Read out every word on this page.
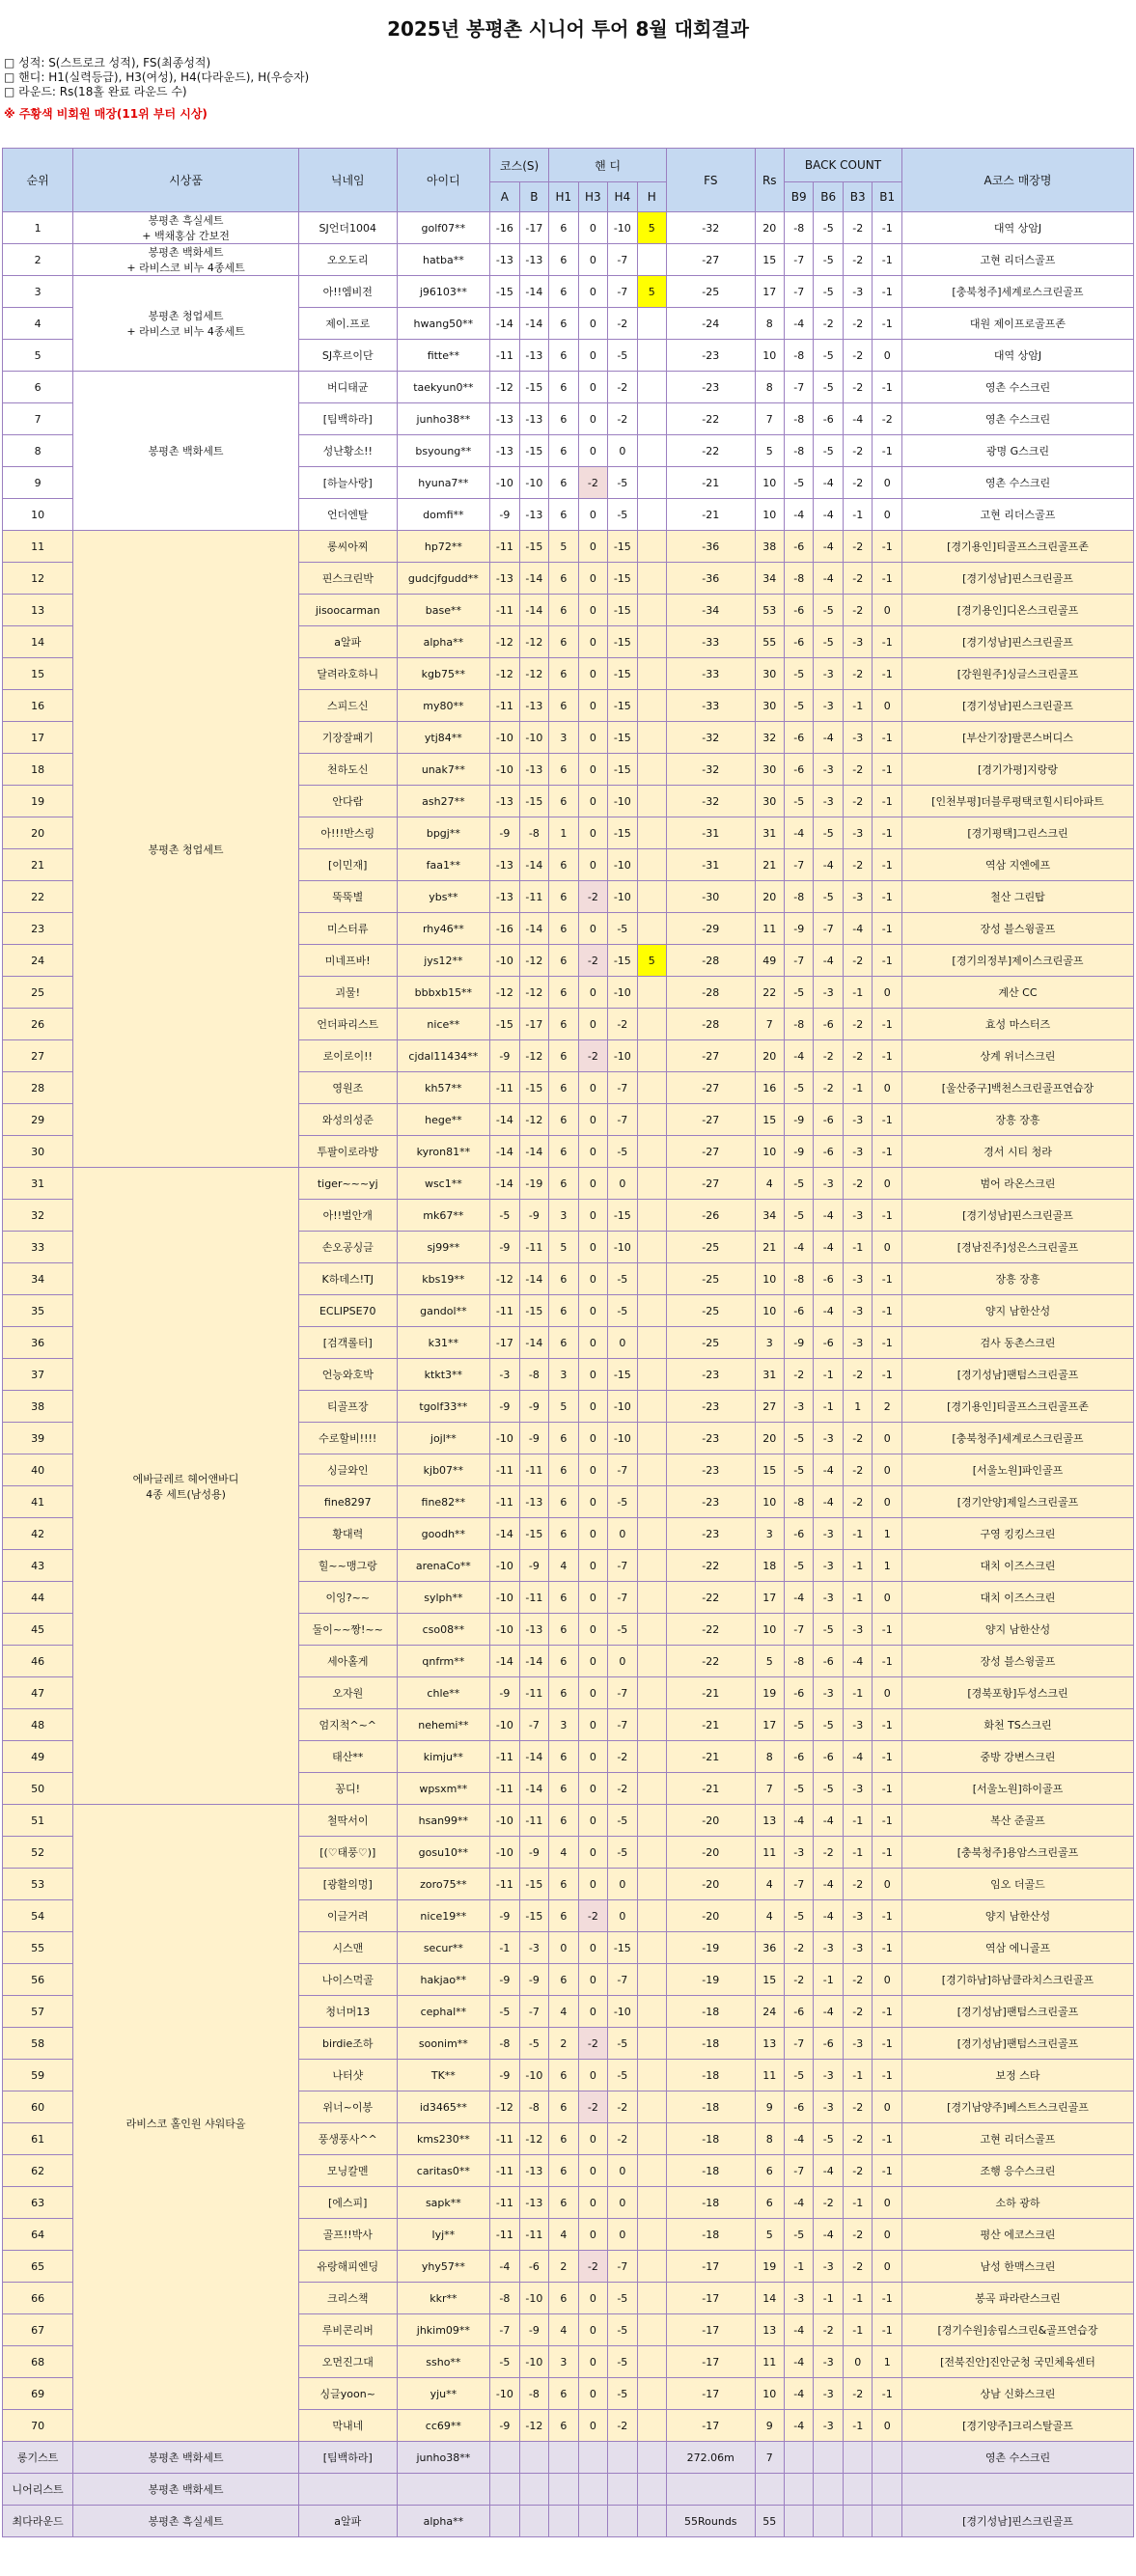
2025년 봉평촌 시니어 투어 8월 대회결과
□ 성적: S(스트로크 성적), FS(최종성적)
□ 핸디: H1(실력등급), H3(여성), H4(다라운드), H(우승자)
□ 라운드: Rs(18홀 완료 라운드 수)
※ 주황색 비회원 매장(11위 부터 시상)
순위	시상품	닉네임	아이디	코스(S)		핸 디				FS	Rs	BACK COUNT				A코스 매장명
				A	B	H1	H3	H4	H			B9	B6	B3	B1	
1	봉평촌 흑실세트
+ 백채홍삼 간보전	SJ언더1004	golf07**	-16	-17	6	0	-10	5	-32	20	-8	-5	-2	-1	대역 상암J
2	봉평촌 백화세트
+ 라비스코 비누 4종세트	오오도리	hatba**	-13	-13	6	0	-7		-27	15	-7	-5	-2	-1	고현 리더스골프
3	봉평촌 청업세트
+ 라비스코 비누 4종세트	아!!엠비전	j96103**	-15	-14	6	0	-7	5	-25	17	-7	-5	-3	-1	[충북청주]세계로스크린골프
4		제이.프로	hwang50**	-14	-14	6	0	-2		-24	8	-4	-2	-2	-1	대원 제이프로골프존
5		SJ후르이단	fitte**	-11	-13	6	0	-5		-23	10	-8	-5	-2	0	대역 상암J
6	봉평촌 백화세트	버디태균	taekyun0**	-12	-15	6	0	-2		-23	8	-7	-5	-2	-1	영촌 수스크린
7		[팀백하라]	junho38**	-13	-13	6	0	-2		-22	7	-8	-6	-4	-2	영촌 수스크린
8		성난황소!!	bsyoung**	-13	-15	6	0	0		-22	5	-8	-5	-2	-1	광명 G스크린
9		[하늘사랑]	hyuna7**	-10	-10	6	-2	-5		-21	10	-5	-4	-2	0	영촌 수스크린
10		언더엔탈	domfi**	-9	-13	6	0	-5		-21	10	-4	-4	-1	0	고현 리더스골프
11	봉평촌 청업세트	롱씨아찌	hp72**	-11	-15	5	0	-15		-36	38	-6	-4	-2	-1	[경기용인]티골프스크린골프존
12		핀스크린박	gudcjfgudd**	-13	-14	6	0	-15		-36	34	-8	-4	-2	-1	[경기성남]핀스크린골프
13		jisoocarman	base**	-11	-14	6	0	-15		-34	53	-6	-5	-2	0	[경기용인]디온스크린골프
14		a알파	alpha**	-12	-12	6	0	-15		-33	55	-6	-5	-3	-1	[경기성남]핀스크린골프
15		달려라호하니	kgb75**	-12	-12	6	0	-15		-33	30	-5	-3	-2	-1	[강원원주]싱글스크린골프
16		스피드신	my80**	-11	-13	6	0	-15		-33	30	-5	-3	-1	0	[경기성남]핀스크린골프
17		기장잘패기	ytj84**	-10	-10	3	0	-15		-32	32	-6	-4	-3	-1	[부산기장]팔콘스버디스
18		천하도신	unak7**	-10	-13	6	0	-15		-32	30	-6	-3	-2	-1	[경기가평]지랑랑
19		안다람	ash27**	-13	-15	6	0	-10		-32	30	-5	-3	-2	-1	[인천부평]더블루평택코힐시티아파트
20		아!!!반스링	bpgj**	-9	-8	1	0	-15		-31	31	-4	-5	-3	-1	[경기평택]그린스크린
21		[이민재]	faa1**	-13	-14	6	0	-10		-31	21	-7	-4	-2	-1	역삼 지엔에프
22		뚝뚝별	ybs**	-13	-11	6	-2	-10		-30	20	-8	-5	-3	-1	철산 그린탑
23		미스터류	rhy46**	-16	-14	6	0	-5		-29	11	-9	-7	-4	-1	장성 블스윙골프
24		미네프바!	jys12**	-10	-12	6	-2	-15	5	-28	49	-7	-4	-2	-1	[경기의정부]제이스크린골프
25		괴물!	bbbxb15**	-12	-12	6	0	-10		-28	22	-5	-3	-1	0	계산 CC
26		언더파리스트	nice**	-15	-17	6	0	-2		-28	7	-8	-6	-2	-1	효성 마스터즈
27		로이로이!!	cjdal11434**	-9	-12	6	-2	-10		-27	20	-4	-2	-2	-1	상계 위너스크린
28		영원조	kh57**	-11	-15	6	0	-7		-27	16	-5	-2	-1	0	[울산중구]백천스크린골프연습장
29		와성의성준	hege**	-14	-12	6	0	-7		-27	15	-9	-6	-3	-1	장흥 장흥
30		투팔이로라방	kyron81**	-14	-14	6	0	-5		-27	10	-9	-6	-3	-1	경서 시티 청라
31	에바글레르 헤어앤바디
4종 세트(남성용)	tiger~~~yj	wsc1**	-14	-19	6	0	0		-27	4	-5	-3	-2	0	범어 라온스크린
32		아!!벌안개	mk67**	-5	-9	3	0	-15		-26	34	-5	-4	-3	-1	[경기성남]핀스크린골프
33		손오공싱글	sj99**	-9	-11	5	0	-10		-25	21	-4	-4	-1	0	[경남진주]성은스크린골프
34		K하데스!TJ	kbs19**	-12	-14	6	0	-5		-25	10	-8	-6	-3	-1	장흥 장흥
35		ECLIPSE70	gandol**	-11	-15	6	0	-5		-25	10	-6	-4	-3	-1	양지 남한산성
36		[검객롤터]	k31**	-17	-14	6	0	0		-25	3	-9	-6	-3	-1	검사 동촌스크린
37		언능와호박	ktkt3**	-3	-8	3	0	-15		-23	31	-2	-1	-2	-1	[경기성남]팬텀스크린골프
38		티골프장	tgolf33**	-9	-9	5	0	-10		-23	27	-3	-1	1	2	[경기용인]티골프스크린골프존
39		수로할비!!!!	jojl**	-10	-9	6	0	-10		-23	20	-5	-3	-2	0	[충북청주]세계로스크린골프
40		싱글와인	kjb07**	-11	-11	6	0	-7		-23	15	-5	-4	-2	0	[서울노원]파인골프
41		fine8297	fine82**	-11	-13	6	0	-5		-23	10	-8	-4	-2	0	[경기안양]제일스크린골프
42		황대력	goodh**	-14	-15	6	0	0		-23	3	-6	-3	-1	1	구영 킹킹스크린
43		힐~~맹그랑	arenaCo**	-10	-9	4	0	-7		-22	18	-5	-3	-1	1	대치 이즈스크린
44		이잉?~~	sylph**	-10	-11	6	0	-7		-22	17	-4	-3	-1	0	대치 이즈스크린
45		둘이~~짱!~~	cso08**	-10	-13	6	0	-5		-22	10	-7	-5	-3	-1	양지 남한산성
46		세아홀게	qnfrm**	-14	-14	6	0	0		-22	5	-8	-6	-4	-1	장성 블스윙골프
47		오자원	chle**	-9	-11	6	0	-7		-21	19	-6	-3	-1	0	[경북포항]두성스크린
48		엄지척^~^	nehemi**	-10	-7	3	0	-7		-21	17	-5	-5	-3	-1	화천 TS스크린
49		태산**	kimju**	-11	-14	6	0	-2		-21	8	-6	-6	-4	-1	중방 강변스크린
50		꽁디!	wpsxm**	-11	-14	6	0	-2		-21	7	-5	-5	-3	-1	[서울노원]하이골프
51	라비스코 홀인원 샤워타올	철딱서이	hsan99**	-10	-11	6	0	-5		-20	13	-4	-4	-1	-1	복산 준골프
52		[(♡태풍♡)]	gosu10**	-10	-9	4	0	-5		-20	11	-3	-2	-1	-1	[충북청주]용암스크린골프
53		[광활의멍]	zoro75**	-11	-15	6	0	0		-20	4	-7	-4	-2	0	임오 더골드
54		이글거려	nice19**	-9	-15	6	-2	0		-20	4	-5	-4	-3	-1	양지 남한산성
55		시스맨	secur**	-1	-3	0	0	-15		-19	36	-2	-3	-3	-1	역삼 에니골프
56		나이스먹골	hakjao**	-9	-9	6	0	-7		-19	15	-2	-1	-2	0	[경기하남]하남클라치스크린골프
57		청너머13	cephal**	-5	-7	4	0	-10		-18	24	-6	-4	-2	-1	[경기성남]팬텀스크린골프
58		birdie조하	soonim**	-8	-5	2	-2	-5		-18	13	-7	-6	-3	-1	[경기성남]팬텀스크린골프
59		나터샷	TK**	-9	-10	6	0	-5		-18	11	-5	-3	-1	-1	보정 스타
60		위너~이봉	id3465**	-12	-8	6	-2	-2		-18	9	-6	-3	-2	0	[경기남양주]베스트스크린골프
61		풍생풍사^^	kms230**	-11	-12	6	0	-2		-18	8	-4	-5	-2	-1	고현 리더스골프
62		모닝칼멘	caritas0**	-11	-13	6	0	0		-18	6	-7	-4	-2	-1	조행 응수스크린
63		[에스피]	sapk**	-11	-13	6	0	0		-18	6	-4	-2	-1	0	소하 광하
64		골프!!박사	lyj**	-11	-11	4	0	0		-18	5	-5	-4	-2	0	평산 에코스크린
65		유랑해피엔딩	yhy57**	-4	-6	2	-2	-7		-17	19	-1	-3	-2	0	남성 한맥스크린
66		크리스책	kkr**	-8	-10	6	0	-5		-17	14	-3	-1	-1	-1	봉곡 파라란스크린
67		루비콘리버	jhkim09**	-7	-9	4	0	-5		-17	13	-4	-2	-1	-1	[경기수원]송림스크린&골프연습장
68		오먼진그대	ssho**	-5	-10	3	0	-5		-17	11	-4	-3	0	1	[전북진안]진안군청 국민체육센터
69		싱글yoon~	yju**	-10	-8	6	0	-5		-17	10	-4	-3	-2	-1	상남 신화스크린
70		막내네	cc69**	-9	-12	6	0	-2		-17	9	-4	-3	-1	0	[경기양주]크리스탈골프
롱기스트	봉평촌 백화세트	[팀백하라]	junho38**							272.06m	7					영촌 수스크린
니어리스트	봉평촌 백화세트															
최다라운드	봉평촌 흑실세트	a알파	alpha**							55Rounds	55					[경기성남]핀스크린골프
